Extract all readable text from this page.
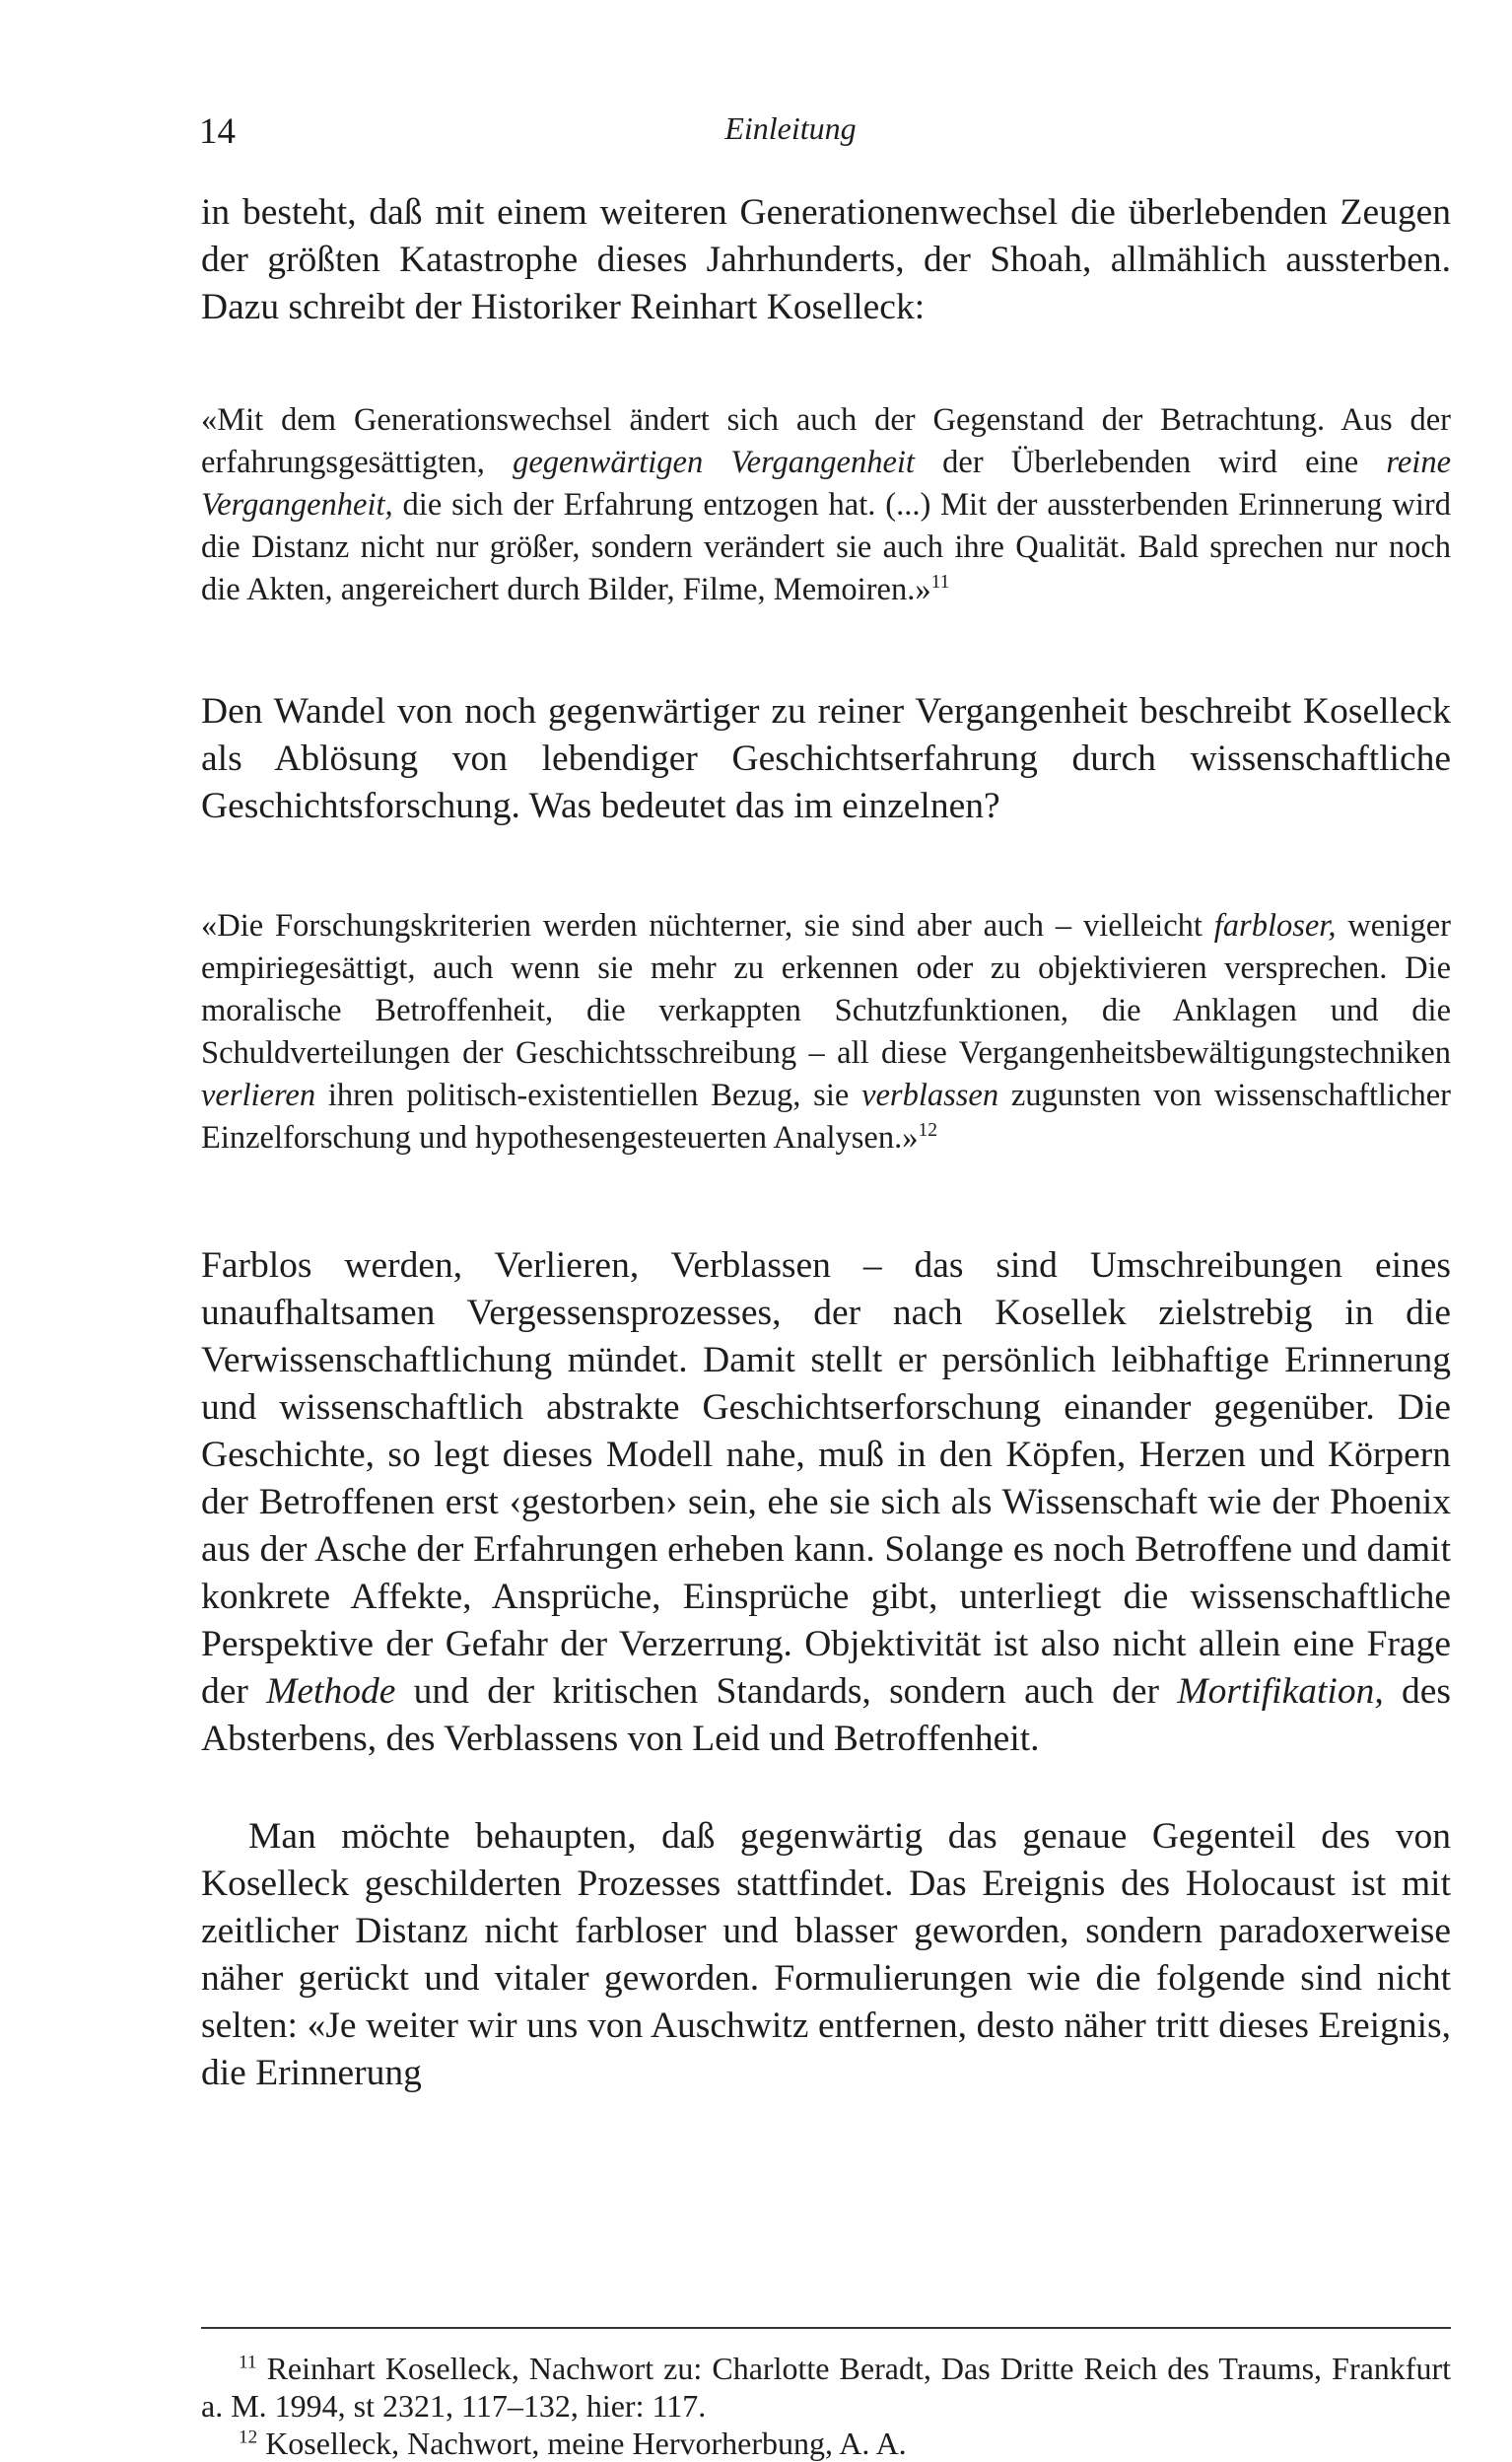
14	Einleitung

in besteht, daß mit einem weiteren Generationenwechsel die überlebenden Zeugen der größten Katastrophe dieses Jahrhunderts, der Shoah, allmählich aussterben. Dazu schreibt der Historiker Reinhart Koselleck:

«Mit dem Generationswechsel ändert sich auch der Gegenstand der Betrachtung. Aus der erfahrungsgesättigten, gegenwärtigen Vergangenheit der Überlebenden wird eine reine Vergangenheit, die sich der Erfahrung entzogen hat. (...) Mit der aussterbenden Erinnerung wird die Distanz nicht nur größer, sondern verändert sie auch ihre Qualität. Bald sprechen nur noch die Akten, angereichert durch Bilder, Filme, Memoiren.»$^{11}$

Den Wandel von noch gegenwärtiger zu reiner Vergangenheit beschreibt Koselleck als Ablösung von lebendiger Geschichtserfahrung durch wissenschaftliche Geschichtsforschung. Was bedeutet das im einzelnen?

«Die Forschungskriterien werden nüchterner, sie sind aber auch – vielleicht farbloser, weniger empiriegesättigt, auch wenn sie mehr zu erkennen oder zu objektivieren versprechen. Die moralische Betroffenheit, die verkappten Schutzfunktionen, die Anklagen und die Schuldverteilungen der Geschichtsschreibung – all diese Vergangenheitsbewältigungstechniken verlieren ihren politisch-existentiellen Bezug, sie verblassen zugunsten von wissenschaftlicher Einzelforschung und hypothesengesteuerten Analysen.»$^{12}$

Farblos werden, Verlieren, Verblassen – das sind Umschreibungen eines unaufhaltsamen Vergessensprozesses, der nach Kosellek zielstrebig in die Verwissenschaftlichung mündet. Damit stellt er persönlich leibhaftige Erinnerung und wissenschaftlich abstrakte Geschichtserforschung einander gegenüber. Die Geschichte, so legt dieses Modell nahe, muß in den Köpfen, Herzen und Körpern der Betroffenen erst ‹gestorben› sein, ehe sie sich als Wissenschaft wie der Phoenix aus der Asche der Erfahrungen erheben kann. Solange es noch Betroffene und damit konkrete Affekte, Ansprüche, Einsprüche gibt, unterliegt die wissenschaftliche Perspektive der Gefahr der Verzerrung. Objektivität ist also nicht allein eine Frage der Methode und der kritischen Standards, sondern auch der Mortifikation, des Absterbens, des Verblassens von Leid und Betroffenheit.

Man möchte behaupten, daß gegenwärtig das genaue Gegenteil des von Koselleck geschilderten Prozesses stattfindet. Das Ereignis des Holocaust ist mit zeitlicher Distanz nicht farbloser und blasser geworden, sondern paradoxerweise näher gerückt und vitaler geworden. Formulierungen wie die folgende sind nicht selten: «Je weiter wir uns von Auschwitz entfernen, desto näher tritt dieses Ereignis, die Erinnerung

$^{11}$ Reinhart Koselleck, Nachwort zu: Charlotte Beradt, Das Dritte Reich des Traums, Frankfurt a. M. 1994, st 2321, 117–132, hier: 117.

$^{12}$ Koselleck, Nachwort, meine Hervorherbung, A. A.
